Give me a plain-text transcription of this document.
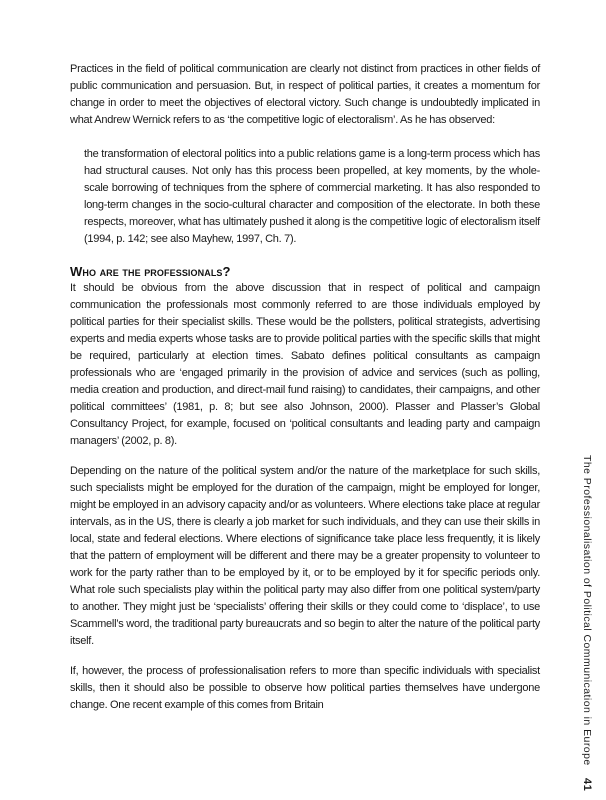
Practices in the field of political communication are clearly not distinct from practices in other fields of public communication and persuasion. But, in respect of political parties, it creates a momentum for change in order to meet the objectives of electoral victory. Such change is undoubtedly implicated in what Andrew Wernick refers to as ‘the competitive logic of electoralism’. As he has observed:

the transformation of electoral politics into a public relations game is a long-term process which has had structural causes. Not only has this process been propelled, at key moments, by the whole-scale borrowing of techniques from the sphere of commercial marketing. It has also responded to long-term changes in the socio-cultural character and composition of the electorate. In both these respects, moreover, what has ultimately pushed it along is the competitive logic of electoralism itself (1994, p. 142; see also Mayhew, 1997, Ch. 7).
Who are the professionals?

It should be obvious from the above discussion that in respect of political and campaign communication the professionals most commonly referred to are those individuals employed by political parties for their specialist skills. These would be the pollsters, political strategists, advertising experts and media experts whose tasks are to provide political parties with the specific skills that might be required, particularly at election times. Sabato defines political consultants as campaign professionals who are ‘engaged primarily in the provision of advice and services (such as polling, media creation and production, and direct-mail fund raising) to candidates, their campaigns, and other political committees’ (1981, p. 8; but see also Johnson, 2000). Plasser and Plasser’s Global Consultancy Project, for example, focused on ‘political consultants and leading party and campaign managers’ (2002, p. 8).

Depending on the nature of the political system and/or the nature of the marketplace for such skills, such specialists might be employed for the duration of the campaign, might be employed for longer, might be employed in an advisory capacity and/or as volunteers. Where elections take place at regular intervals, as in the US, there is clearly a job market for such individuals, and they can use their skills in local, state and federal elections. Where elections of significance take place less frequently, it is likely that the pattern of employment will be different and there may be a greater propensity to volunteer to work for the party rather than to be employed by it, or to be employed by it for specific periods only. What role such specialists play within the political party may also differ from one political system/party to another. They might just be ‘specialists’ offering their skills or they could come to ‘displace’, to use Scammell’s word, the traditional party bureaucrats and so begin to alter the nature of the political party itself.

If, however, the process of professionalisation refers to more than specific individuals with specialist skills, then it should also be possible to observe how political parties themselves have undergone change. One recent example of this comes from Britain	The Professionalisation of Political Communication in Europe 41
